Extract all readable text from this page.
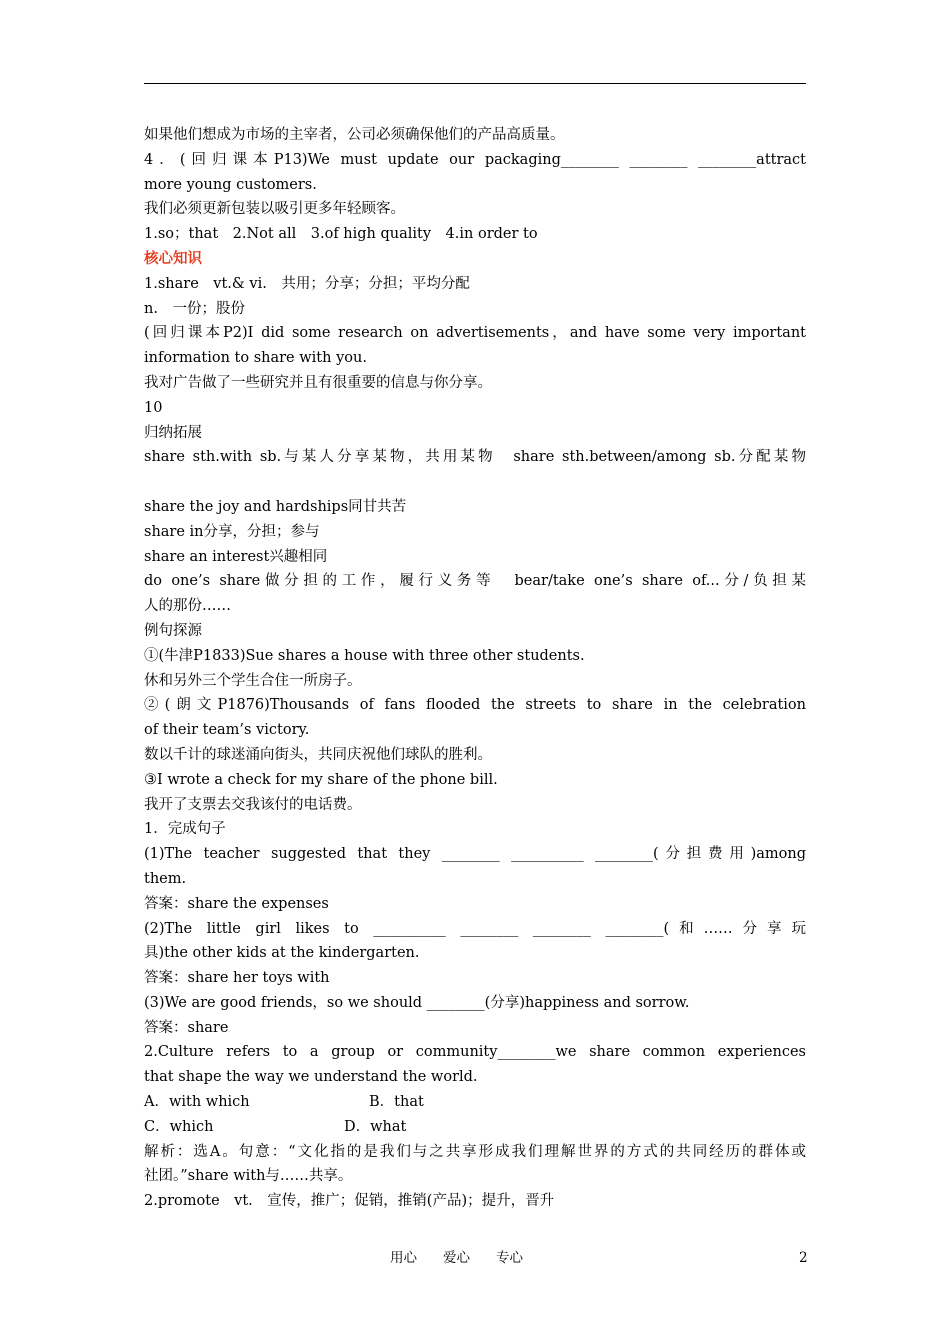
如果他们想成为市场的主宰者，公司必须确保他们的产品高质量。
4．(回归课本P13)We must update our packaging________ ________ ________attract
more young customers.
我们必须更新包装以吸引更多年轻顾客。
1.so；that　2.Not all　3.of high quality　4.in order to
核心知识
1.share　vt.& vi.　共用；分享；分担；平均分配
n.　一份；股份
(回归课本P2)I did some research on advertisements，and have some very important
information to share with you.
我对广告做了一些研究并且有很重要的信息与你分享。
10
归纳拓展
share sth.with sb.与某人分享某物，共用某物　share sth.between/among sb.分配某物
share the joy and hardships同甘共苦
share in分享，分担；参与
share an interest兴趣相同
do one’s share做分担的工作，履行义务等　bear/take one’s share of...分/负担某
人的那份……
例句探源
①(牛津P1833)Sue shares a house with three other students.
休和另外三个学生合住一所房子。
②(朗文P1876)Thousands of fans flooded the streets to share in the celebration
of their team’s victory.
数以千计的球迷涌向街头，共同庆祝他们球队的胜利。
③I wrote a check for my share of the phone bill.
我开了支票去交我该付的电话费。
1．完成句子
(1)The teacher suggested that they ________ __________ ________(分担费用)among
them.
答案：share the expenses
(2)The little girl likes to __________ ________ ________ ________(和……分享玩
具)the other kids at the kindergarten.
答案：share her toys with
(3)We are good friends，so we should ________(分享)happiness and sorrow.
答案：share
2.Culture refers to a group or community________we share common experiences
that shape the way we understand the world.
A．with which	B．that
C．which	D．what
解析：选A。句意：“文化指的是我们与之共享形成我们理解世界的方式的共同经历的群体或
社团。”share with与……共享。
2.promote　vt.　宣传，推广；促销，推销(产品)；提升，晋升
用心 爱心 专心	2
